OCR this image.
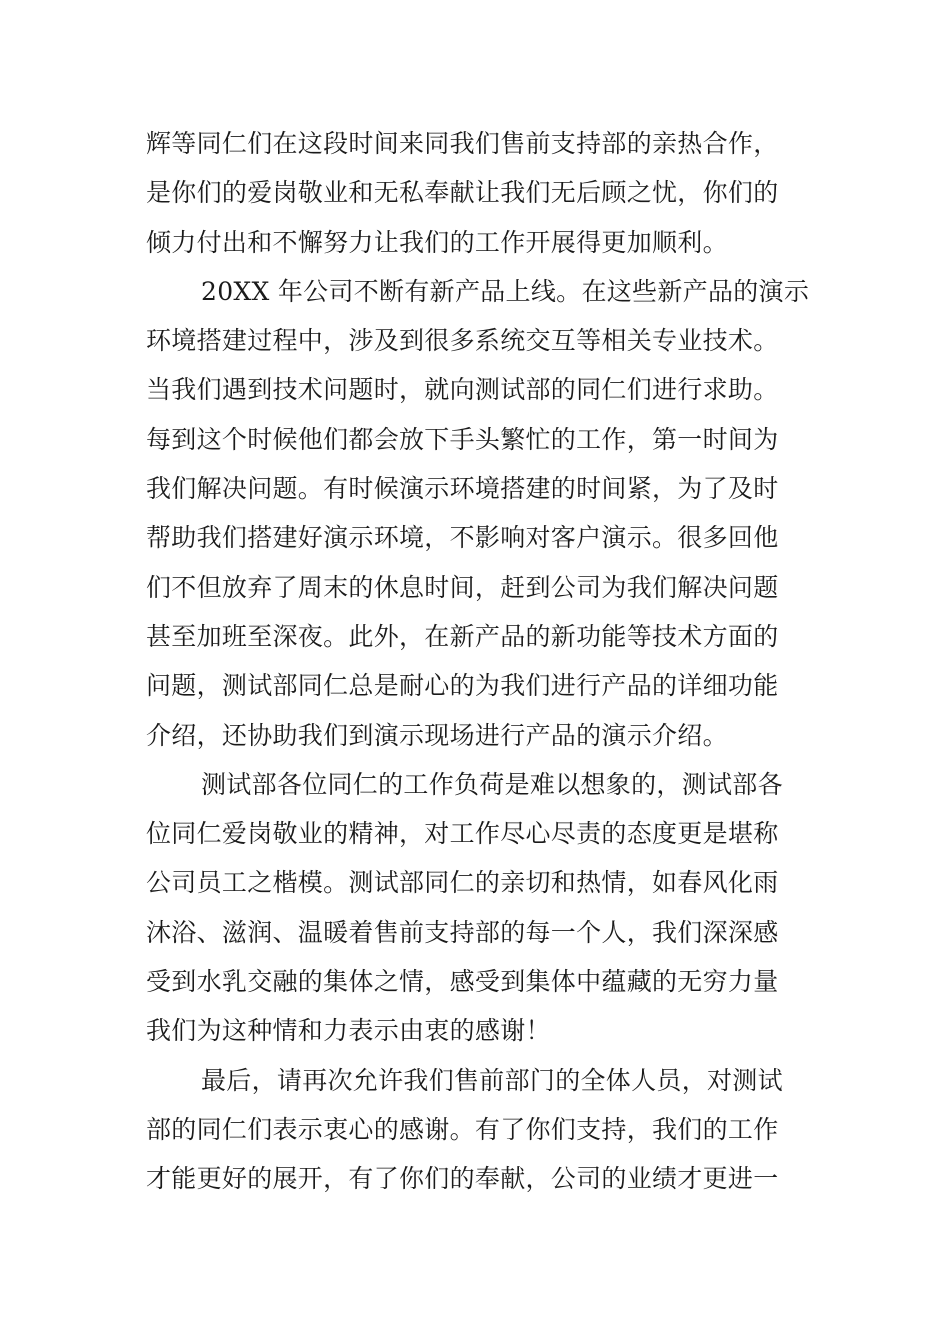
辉等同仁们在这段时间来同我们售前支持部的亲热合作，
是你们的爱岗敬业和无私奉献让我们无后顾之忧，你们的
倾力付出和不懈努力让我们的工作开展得更加顺利。
20XX 年公司不断有新产品上线。在这些新产品的演示
环境搭建过程中，涉及到很多系统交互等相关专业技术。
当我们遇到技术问题时，就向测试部的同仁们进行求助。
每到这个时候他们都会放下手头繁忙的工作，第一时间为
我们解决问题。有时候演示环境搭建的时间紧，为了及时
帮助我们搭建好演示环境，不影响对客户演示。很多回他
们不但放弃了周末的休息时间，赶到公司为我们解决问题
甚至加班至深夜。此外，在新产品的新功能等技术方面的
问题，测试部同仁总是耐心的为我们进行产品的详细功能
介绍，还协助我们到演示现场进行产品的演示介绍。
测试部各位同仁的工作负荷是难以想象的，测试部各
位同仁爱岗敬业的精神，对工作尽心尽责的态度更是堪称
公司员工之楷模。测试部同仁的亲切和热情，如春风化雨
沐浴、滋润、温暖着售前支持部的每一个人，我们深深感
受到水乳交融的集体之情，感受到集体中蕴藏的无穷力量
我们为这种情和力表示由衷的感谢！
最后，请再次允许我们售前部门的全体人员，对测试
部的同仁们表示衷心的感谢。有了你们支持，我们的工作
才能更好的展开，有了你们的奉献，公司的业绩才更进一
